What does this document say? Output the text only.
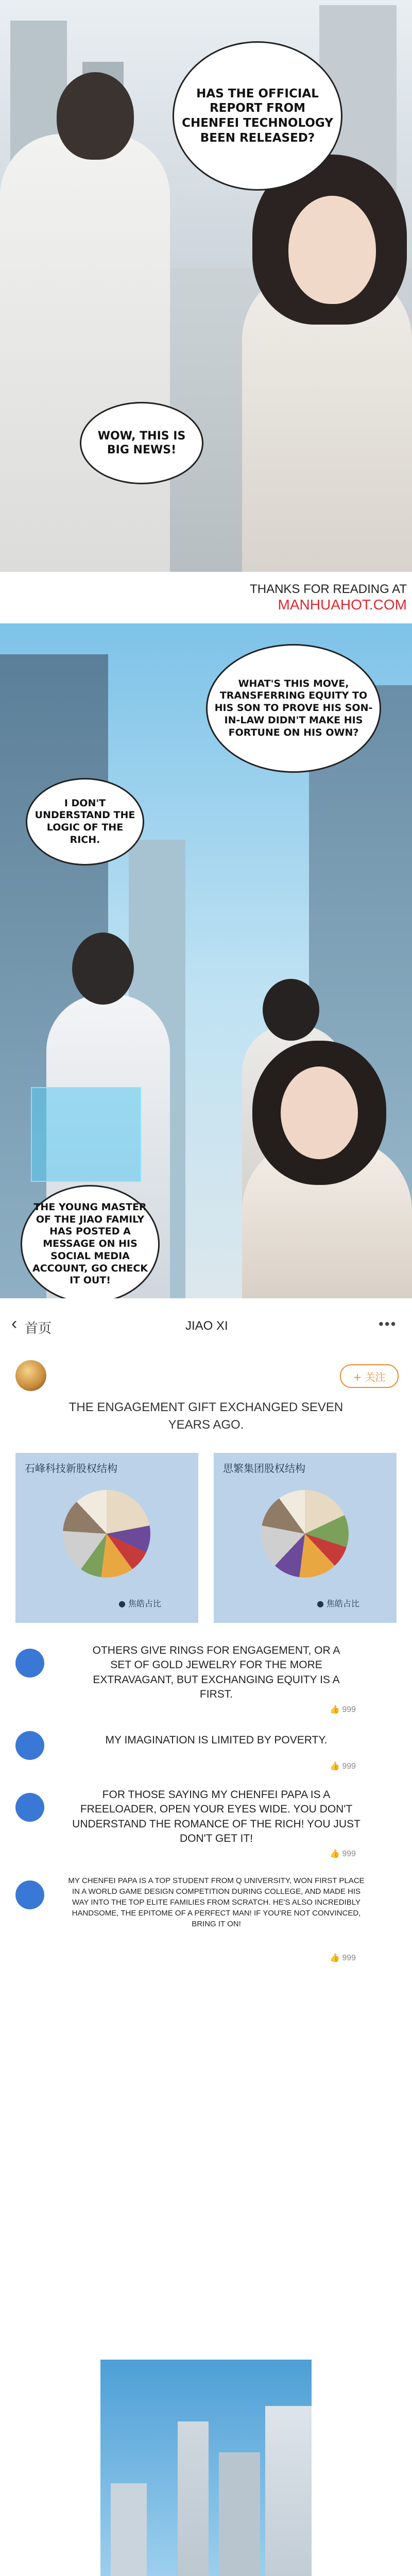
HAS THE OFFICIAL REPORT FROM CHENFEI TECHNOLOGY BEEN RELEASED?
WOW, THIS IS BIG NEWS!
THANKS FOR READING AT
MANHUAHOT.COM
WHAT'S THIS MOVE, TRANSFERRING EQUITY TO HIS SON TO PROVE HIS SON-IN-LAW DIDN'T MAKE HIS FORTUNE ON HIS OWN?
I DON'T UNDERSTAND THE LOGIC OF THE RICH.
THE YOUNG MASTER OF THE JIAO FAMILY HAS POSTED A MESSAGE ON HIS SOCIAL MEDIA ACCOUNT, GO CHECK IT OUT!
‹ 首页	JIAO XI	•••
+ 关注
THE ENGAGEMENT GIFT EXCHANGED SEVEN YEARS AGO.
石峰科技新股权结构
● 焦皓占比
思繁集团股权结构
● 焦皓占比
OTHERS GIVE RINGS FOR ENGAGEMENT, OR A SET OF GOLD JEWELRY FOR THE MORE EXTRAVAGANT, BUT EXCHANGING EQUITY IS A FIRST.
👍 999
MY IMAGINATION IS LIMITED BY POVERTY.
👍 999
FOR THOSE SAYING MY CHENFEI PAPA IS A FREELOADER, OPEN YOUR EYES WIDE. YOU DON'T UNDERSTAND THE ROMANCE OF THE RICH! YOU JUST DON'T GET IT!
👍 999
MY CHENFEI PAPA IS A TOP STUDENT FROM Q UNIVERSITY, WON FIRST PLACE IN A WORLD GAME DESIGN COMPETITION DURING COLLEGE, AND MADE HIS WAY INTO THE TOP ELITE FAMILIES FROM SCRATCH. HE'S ALSO INCREDIBLY HANDSOME, THE EPITOME OF A PERFECT MAN! IF YOU'RE NOT CONVINCED, BRING IT ON!
👍 999
